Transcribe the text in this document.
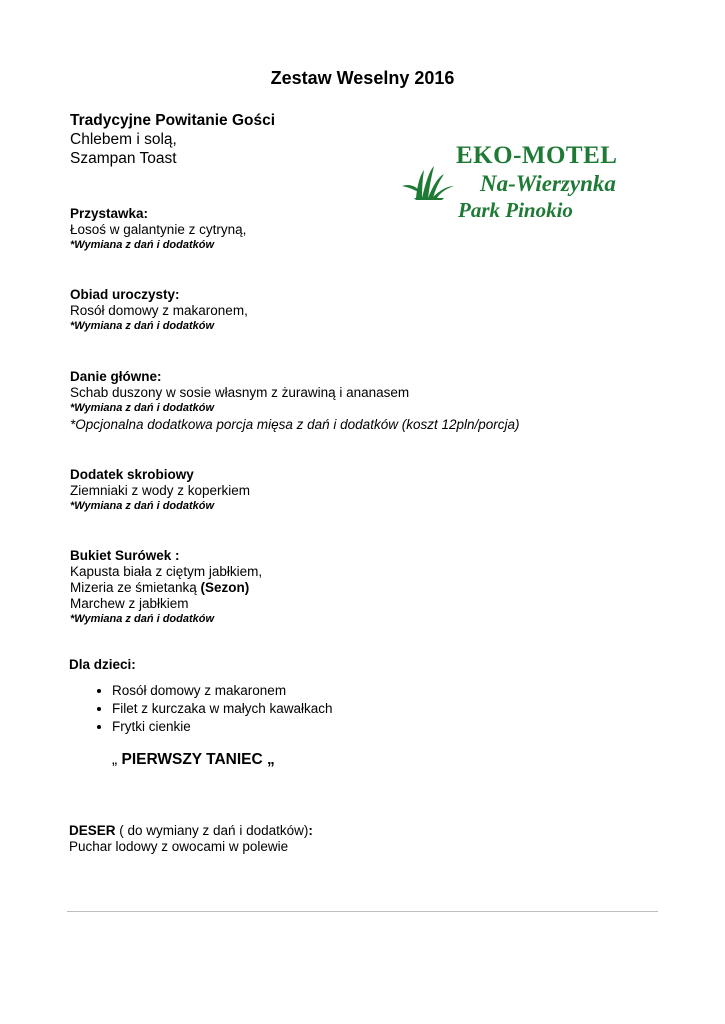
Zestaw Weselny 2016
Tradycyjne Powitanie Gości
Chlebem i solą,
Szampan Toast	EKO-MOTEL
Na-Wierzynka
Park Pinokio
Przystawka:
Łosoś w galantynie z cytryną,
*Wymiana z dań i dodatków
Obiad uroczysty:
Rosół domowy z makaronem,
*Wymiana z dań i dodatków
Danie główne:
Schab duszony w sosie własnym z żurawiną i ananasem
*Wymiana z dań i dodatków
*Opcjonalna dodatkowa porcja mięsa z dań i dodatków (koszt 12pln/porcja)
Dodatek skrobiowy
Ziemniaki z wody z koperkiem
*Wymiana z dań i dodatków
Bukiet Surówek :
Kapusta biała z ciętym jabłkiem,
Mizeria ze śmietanką (Sezon)
Marchew z jabłkiem
*Wymiana z dań i dodatków
Dla dzieci:
• Rosół domowy z makaronem
• Filet z kurczaka w małych kawałkach
• Frytki cienkie
„ PIERWSZY TANIEC „
DESER ( do wymiany z dań i dodatków):
Puchar lodowy z owocami w polewie
